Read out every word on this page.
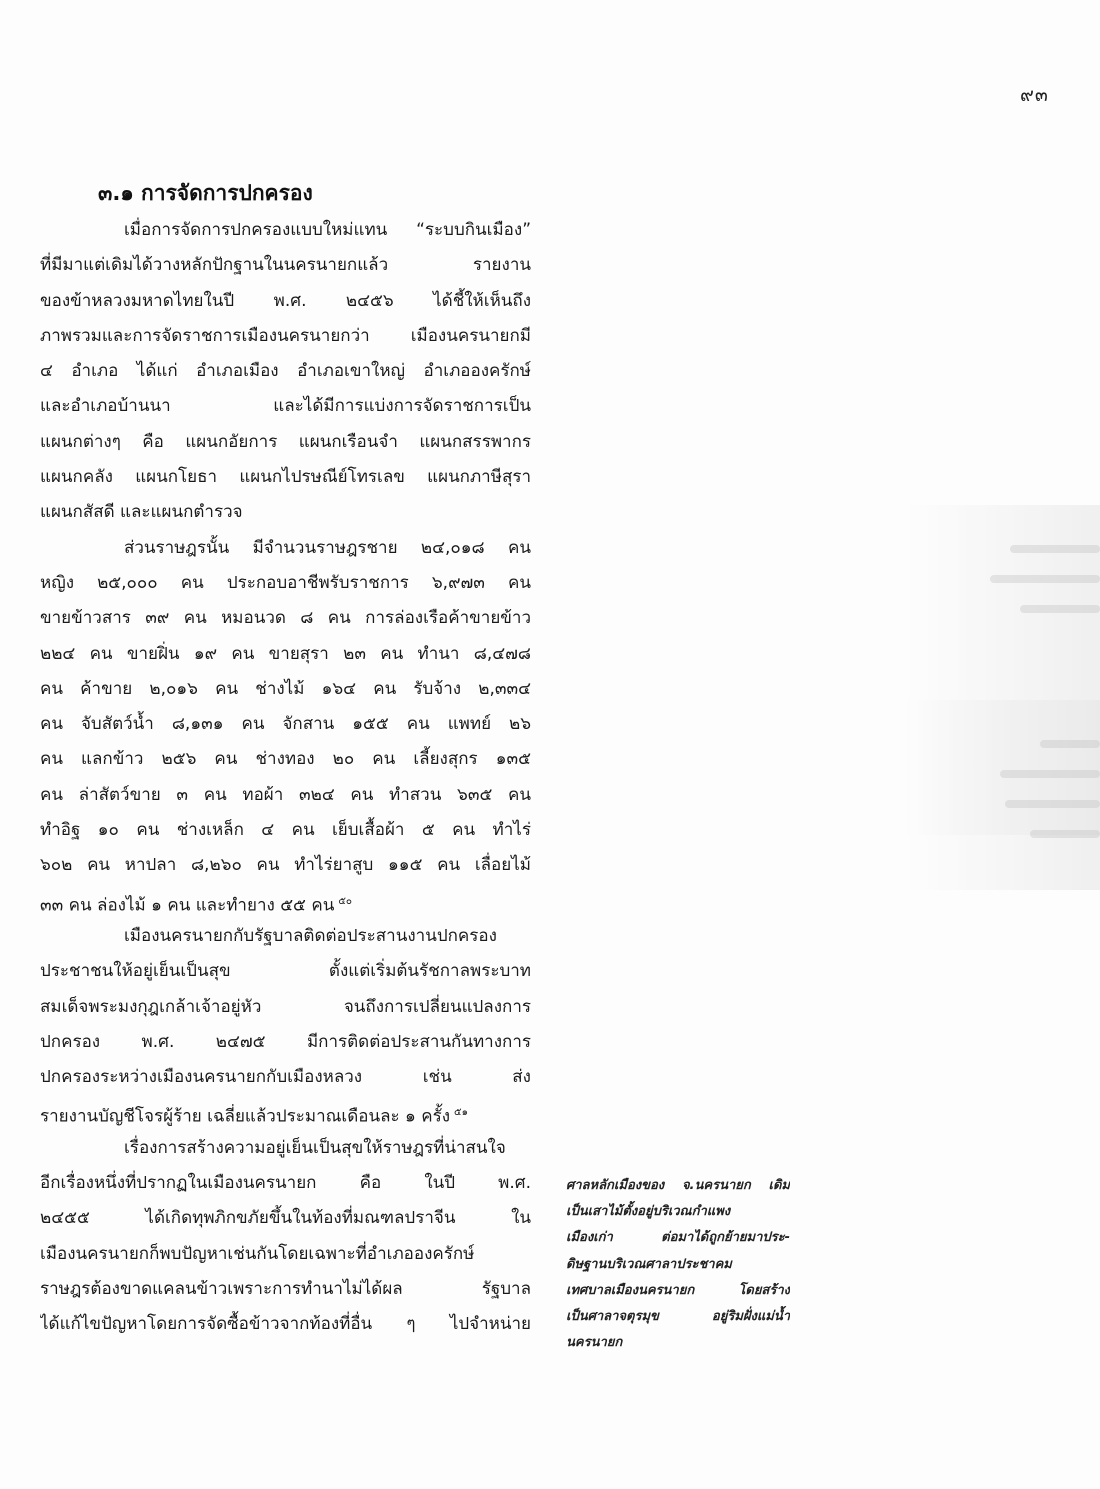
๙๓
๓.๑ การจัดการปกครอง

เมื่อการจัดการปกครองแบบใหม่แทน “ระบบกินเมือง”
ที่มีมาแต่เดิมได้วางหลักปักฐานในนครนายกแล้ว รายงาน
ของข้าหลวงมหาดไทยในปี พ.ศ. ๒๔๕๖ ได้ชี้ให้เห็นถึง
ภาพรวมและการจัดราชการเมืองนครนายกว่า เมืองนครนายกมี
๔ อำเภอ ได้แก่ อำเภอเมือง อำเภอเขาใหญ่ อำเภอองครักษ์
และอำเภอบ้านนา และได้มีการแบ่งการจัดราชการเป็น
แผนกต่างๆ คือ แผนกอัยการ แผนกเรือนจำ แผนกสรรพากร
แผนกคลัง แผนกโยธา แผนกไปรษณีย์โทรเลข แผนกภาษีสุรา
แผนกสัสดี และแผนกตำรวจ

ส่วนราษฎรนั้น มีจำนวนราษฎรชาย ๒๔,๐๑๘ คน
หญิง ๒๕,๐๐๐ คน ประกอบอาชีพรับราชการ ๖,๙๗๓ คน
ขายข้าวสาร ๓๙ คน หมอนวด ๘ คน การล่องเรือค้าขายข้าว
๒๒๔ คน ขายฝิ่น ๑๙ คน ขายสุรา ๒๓ คน ทำนา ๘,๔๗๘
คน ค้าขาย ๒,๐๑๖ คน ช่างไม้ ๑๖๔ คน รับจ้าง ๒,๓๓๔
คน จับสัตว์น้ำ ๘,๑๓๑ คน จักสาน ๑๕๕ คน แพทย์ ๒๖
คน แลกข้าว ๒๕๖ คน ช่างทอง ๒๐ คน เลี้ยงสุกร ๑๓๕
คน ล่าสัตว์ขาย ๓ คน ทอผ้า ๓๒๔ คน ทำสวน ๖๓๕ คน
ทำอิฐ ๑๐ คน ช่างเหล็ก ๔ คน เย็บเสื้อผ้า ๕ คน ทำไร่
๖๐๒ คน หาปลา ๘,๒๖๐ คน ทำไร่ยาสูบ ๑๑๕ คน เลื่อยไม้
๓๓ คน ล่องไม้ ๑ คน และทำยาง ๕๕ คน $^{๕๐}$

เมืองนครนายกกับรัฐบาลติดต่อประสานงานปกครอง
ประชาชนให้อยู่เย็นเป็นสุข ตั้งแต่เริ่มต้นรัชกาลพระบาท
สมเด็จพระมงกุฎเกล้าเจ้าอยู่หัว จนถึงการเปลี่ยนแปลงการ
ปกครอง พ.ศ. ๒๔๗๕ มีการติดต่อประสานกันทางการ
ปกครองระหว่างเมืองนครนายกกับเมืองหลวง เช่น ส่ง
รายงานบัญชีโจรผู้ร้าย เฉลี่ยแล้วประมาณเดือนละ ๑ ครั้ง $^{๕๑}$

เรื่องการสร้างความอยู่เย็นเป็นสุขให้ราษฎรที่น่าสนใจ
อีกเรื่องหนึ่งที่ปรากฏในเมืองนครนายก คือ ในปี พ.ศ.
๒๔๕๕ ได้เกิดทุพภิกขภัยขึ้นในท้องที่มณฑลปราจีน ใน
เมืองนครนายกก็พบปัญหาเช่นกันโดยเฉพาะที่อำเภอองครักษ์
ราษฎรต้องขาดแคลนข้าวเพราะการทำนาไม่ได้ผล รัฐบาล
ได้แก้ไขปัญหาโดยการจัดซื้อข้าวจากท้องที่อื่น ๆ ไปจำหน่าย

ศาลหลักเมืองของ จ.นครนายก เดิม
เป็นเสาไม้ตั้งอยู่บริเวณกำแพง
เมืองเก่า ต่อมาได้ถูกย้ายมาประ-
ดิษฐานบริเวณศาลาประชาคม
เทศบาลเมืองนครนายก โดยสร้าง
เป็นศาลาจตุรมุข อยู่ริมฝั่งแม่น้ำ
นครนายก
